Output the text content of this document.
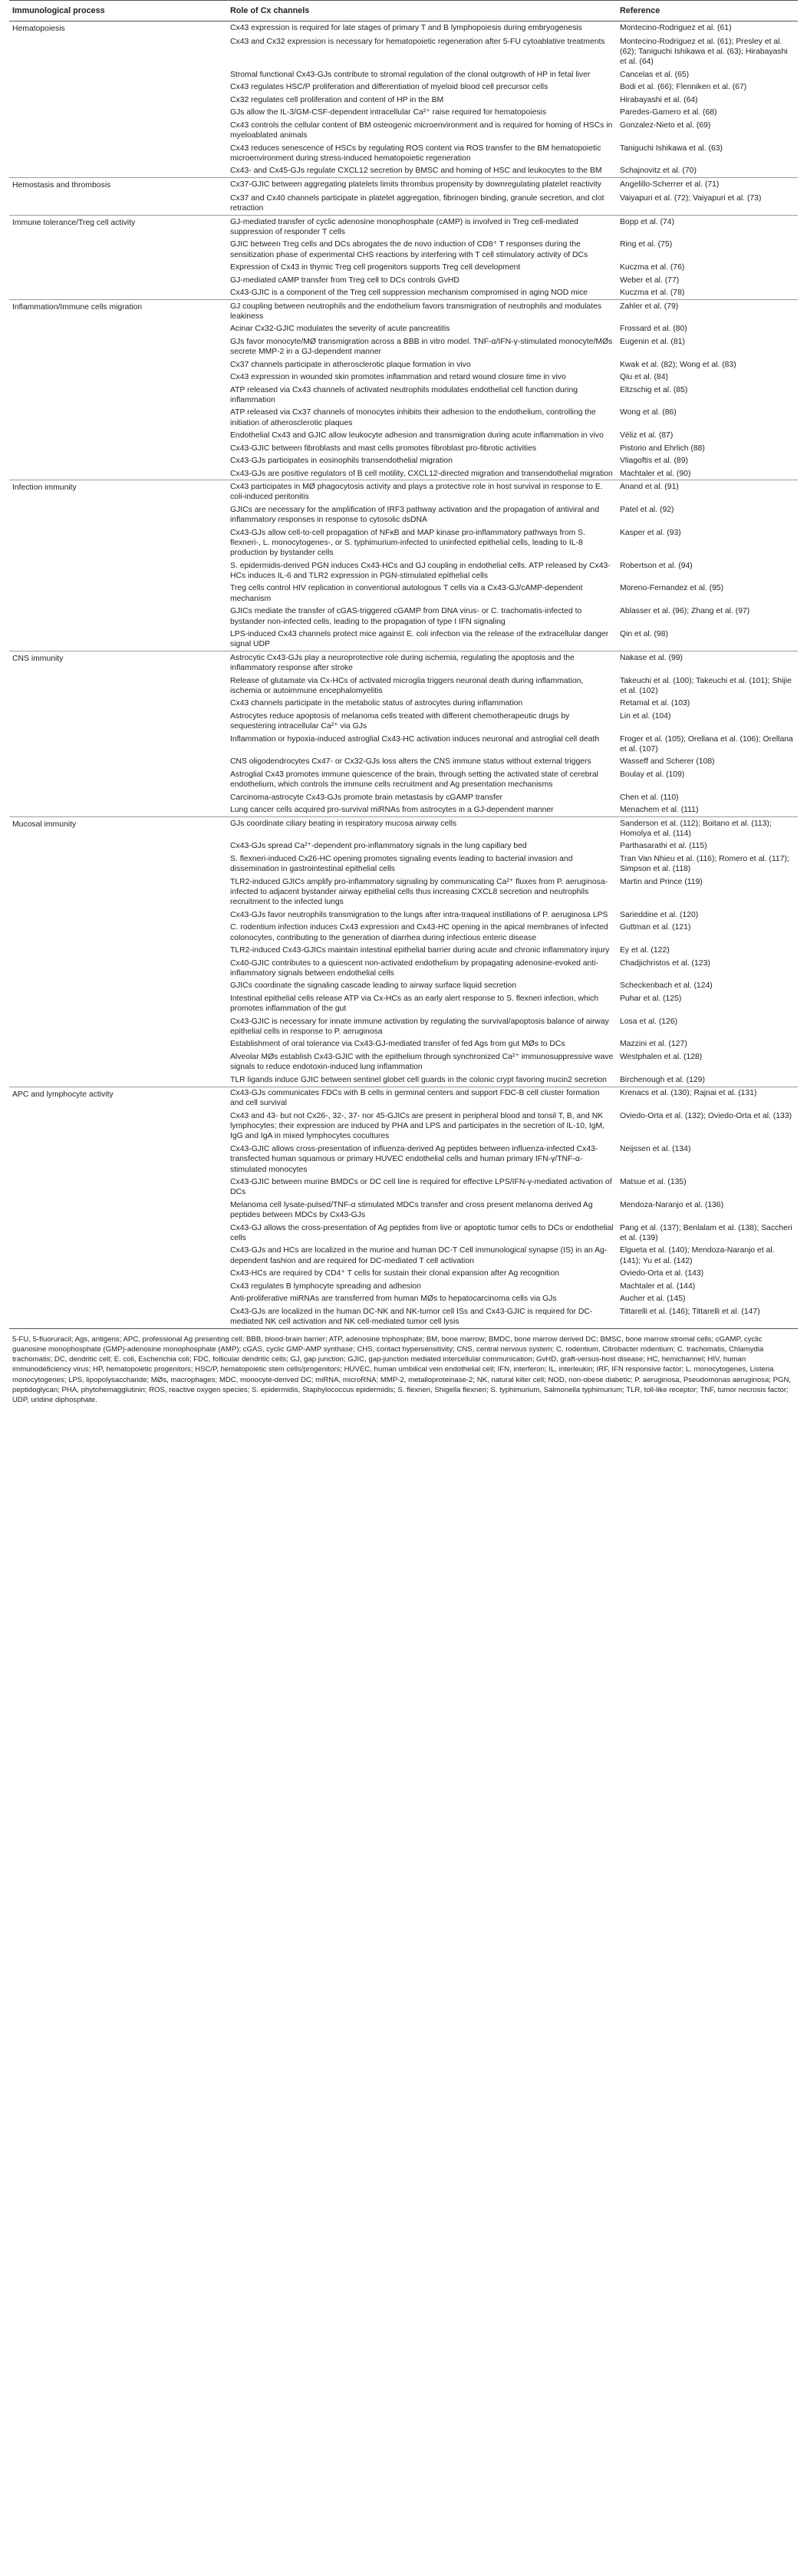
Immunological process	Role of Cx channels	Reference
Hematopoiesis	Cx43 expression is required for late stages of primary T and B lymphopoiesis during embryogenesis	Montecino-Rodriguez et al. (61)
	Cx43 and Cx32 expression is necessary for hematopoietic regeneration after 5-FU cytoablative treatments	Montecino-Rodriguez et al. (61); Presley et al. (62); Taniguchi Ishikawa et al. (63); Hirabayashi et al. (64)
	Stromal functional Cx43-GJs contribute to stromal regulation of the clonal outgrowth of HP in fetal liver	Cancelas et al. (65)
	Cx43 regulates HSC/P proliferation and differentiation of myeloid blood cell precursor cells	Bodi et al. (66); Flenniken et al. (67)
	Cx32 regulates cell proliferation and content of HP in the BM	Hirabayashi et al. (64)
	GJs allow the IL-3/GM-CSF-dependent intracellular Ca²⁺ raise required for hematopoiesis	Paredes-Gamero et al. (68)
	Cx43 controls the cellular content of BM osteogenic microenvironment and is required for homing of HSCs in myeloablated animals	Gonzalez-Nieto et al. (69)
	Cx43 reduces senescence of HSCs by regulating ROS content via ROS transfer to the BM hematopoietic microenvironment during stress-induced hematopoietic regeneration	Taniguchi Ishikawa et al. (63)
	Cx43- and Cx45-GJs regulate CXCL12 secretion by BMSC and homing of HSC and leukocytes to the BM	Schajnovitz et al. (70)
Hemostasis and thrombosis	Cx37-GJIC between aggregating platelets limits thrombus propensity by downregulating platelet reactivity	Angelillo-Scherrer et al. (71)
	Cx37 and Cx40 channels participate in platelet aggregation, fibrinogen binding, granule secretion, and clot retraction	Vaiyapuri et al. (72); Vaiyapuri et al. (73)
Immune tolerance/Treg cell activity	GJ-mediated transfer of cyclic adenosine monophosphate (cAMP) is involved in Treg cell-mediated suppression of responder T cells	Bopp et al. (74)
	GJIC between Treg cells and DCs abrogates the de novo induction of CD8⁺ T responses during the sensitization phase of experimental CHS reactions by interfering with T cell stimulatory activity of DCs	Ring et al. (75)
	Expression of Cx43 in thymic Treg cell progenitors supports Treg cell development	Kuczma et al. (76)
	GJ-mediated cAMP transfer from Treg cell to DCs controls GvHD	Weber et al. (77)
	Cx43-GJIC is a component of the Treg cell suppression mechanism compromised in aging NOD mice	Kuczma et al. (78)
Inflammation/Immune cells migration	GJ coupling between neutrophils and the endothelium favors transmigration of neutrophils and modulates leakiness	Zahler et al. (79)
	Acinar Cx32-GJIC modulates the severity of acute pancreatitis	Frossard et al. (80)
	GJs favor monocyte/MØ transmigration across a BBB in vitro model. TNF-α/IFN-γ-stimulated monocyte/MØs secrete MMP-2 in a GJ-dependent manner	Eugenin et al. (81)
	Cx37 channels participate in atherosclerotic plaque formation in vivo	Kwak et al. (82); Wong et al. (83)
	Cx43 expression in wounded skin promotes inflammation and retard wound closure time in vivo	Qiu et al. (84)
	ATP released via Cx43 channels of activated neutrophils modulates endothelial cell function during inflammation	Eltzschig et al. (85)
	ATP released via Cx37 channels of monocytes inhibits their adhesion to the endothelium, controlling the initiation of atherosclerotic plaques	Wong et al. (86)
	Endothelial Cx43 and GJIC allow leukocyte adhesion and transmigration during acute inflammation in vivo	Véliz et al. (87)
	Cx43-GJIC between fibroblasts and mast cells promotes fibroblast pro-fibrotic activities	Pistorio and Ehrlich (88)
	Cx43-GJs participates in eosinophils transendothelial migration	Vliagoftis et al. (89)
	Cx43-GJs are positive regulators of B cell motility, CXCL12-directed migration and transendothelial migration	Machtaler et al. (90)
Infection immunity	Cx43 participates in MØ phagocytosis activity and plays a protective role in host survival in response to E. coli-induced peritonitis	Anand et al. (91)
	GJICs are necessary for the amplification of IRF3 pathway activation and the propagation of antiviral and inflammatory responses in response to cytosolic dsDNA	Patel et al. (92)
	Cx43-GJs allow cell-to-cell propagation of NFκB and MAP kinase pro-inflammatory pathways from S. flexneri-, L. monocytogenes-, or S. typhimurium-infected to uninfected epithelial cells, leading to IL-8 production by bystander cells	Kasper et al. (93)
	S. epidermidis-derived PGN induces Cx43-HCs and GJ coupling in endothelial cells. ATP released by Cx43-HCs induces IL-6 and TLR2 expression in PGN-stimulated epithelial cells	Robertson et al. (94)
	Treg cells control HIV replication in conventional autologous T cells via a Cx43-GJ/cAMP-dependent mechanism	Moreno-Fernandez et al. (95)
	GJICs mediate the transfer of cGAS-triggered cGAMP from DNA virus- or C. trachomatis-infected to bystander non-infected cells, leading to the propagation of type I IFN signaling	Ablasser et al. (96); Zhang et al. (97)
	LPS-induced Cx43 channels protect mice against E. coli infection via the release of the extracellular danger signal UDP	Qin et al. (98)
CNS immunity	Astrocytic Cx43-GJs play a neuroprotective role during ischemia, regulating the apoptosis and the inflammatory response after stroke	Nakase et al. (99)
	Release of glutamate via Cx-HCs of activated microglia triggers neuronal death during inflammation, ischemia or autoimmune encephalomyelitis	Takeuchi et al. (100); Takeuchi et al. (101); Shijie et al. (102)
	Cx43 channels participate in the metabolic status of astrocytes during inflammation	Retamal et al. (103)
	Astrocytes reduce apoptosis of melanoma cells treated with different chemotherapeutic drugs by sequestering intracellular Ca²⁺ via GJs	Lin et al. (104)
	Inflammation or hypoxia-induced astroglial Cx43-HC activation induces neuronal and astroglial cell death	Froger et al. (105); Orellana et al. (106); Orellana et al. (107)
	CNS oligodendrocytes Cx47- or Cx32-GJs loss alters the CNS immune status without external triggers	Wasseff and Scherer (108)
	Astroglial Cx43 promotes immune quiescence of the brain, through setting the activated state of cerebral endothelium, which controls the immune cells recruitment and Ag presentation mechanisms	Boulay et al. (109)
	Carcinoma-astrocyte Cx43-GJs promote brain metastasis by cGAMP transfer	Chen et al. (110)
	Lung cancer cells acquired pro-survival miRNAs from astrocytes in a GJ-dependent manner	Menachem et al. (111)
Mucosal immunity	GJs coordinate ciliary beating in respiratory mucosa airway cells	Sanderson et al. (112); Boitano et al. (113); Homolya et al. (114)
	Cx43-GJs spread Ca²⁺-dependent pro-inflammatory signals in the lung capillary bed	Parthasarathi et al. (115)
	S. flexneri-induced Cx26-HC opening promotes signaling events leading to bacterial invasion and dissemination in gastrointestinal epithelial cells	Tran Van Nhieu et al. (116); Romero et al. (117); Simpson et al. (118)
	TLR2-induced GJICs amplify pro-inflammatory signaling by communicating Ca²⁺ fluxes from P. aeruginosa-infected to adjacent bystander airway epithelial cells thus increasing CXCL8 secretion and neutrophils recruitment to the infected lungs	Martin and Prince (119)
	Cx43-GJs favor neutrophils transmigration to the lungs after intra-traqueal instillations of P. aeruginosa LPS	Sarieddine et al. (120)
	C. rodentium infection induces Cx43 expression and Cx43-HC opening in the apical membranes of infected colonocytes, contributing to the generation of diarrhea during infectious enteric disease	Guttman et al. (121)
	TLR2-induced Cx43-GJICs maintain intestinal epithelial barrier during acute and chronic inflammatory injury	Ey et al. (122)
	Cx40-GJIC contributes to a quiescent non-activated endothelium by propagating adenosine-evoked anti-inflammatory signals between endothelial cells	Chadjichristos et al. (123)
	GJICs coordinate the signaling cascade leading to airway surface liquid secretion	Scheckenbach et al. (124)
	Intestinal epithelial cells release ATP via Cx-HCs as an early alert response to S. flexneri infection, which promotes inflammation of the gut	Puhar et al. (125)
	Cx43-GJIC is necessary for innate immune activation by regulating the survival/apoptosis balance of airway epithelial cells in response to P. aeruginosa	Losa et al. (126)
	Establishment of oral tolerance via Cx43-GJ-mediated transfer of fed Ags from gut MØs to DCs	Mazzini et al. (127)
	Alveolar MØs establish Cx43-GJIC with the epithelium through synchronized Ca²⁺ immunosuppressive wave signals to reduce endotoxin-induced lung inflammation	Westphalen et al. (128)
	TLR ligands induce GJIC between sentinel globet cell guards in the colonic crypt favoring mucin2 secretion	Birchenough et al. (129)
APC and lymphocyte activity	Cx43-GJs communicates FDCs with B cells in germinal centers and support FDC-B cell cluster formation and cell survival	Krenacs et al. (130); Rajnai et al. (131)
	Cx43 and 43- but not Cx26-, 32-, 37- nor 45-GJICs are present in peripheral blood and tonsil T, B, and NK lymphocytes; their expression are induced by PHA and LPS and participates in the secretion of IL-10, IgM, IgG and IgA in mixed lymphocytes cocultures	Oviedo-Orta et al. (132); Oviedo-Orta et al. (133)
	Cx43-GJIC allows cross-presentation of influenza-derived Ag peptides between influenza-infected Cx43-transfected human squamous or primary HUVEC endothelial cells and human primary IFN-γ/TNF-α-stimulated monocytes	Neijssen et al. (134)
	Cx43-GJIC between murine BMDCs or DC cell line is required for effective LPS/IFN-γ-mediated activation of DCs	Matsue et al. (135)
	Melanoma cell lysate-pulsed/TNF-α stimulated MDCs transfer and cross present melanoma derived Ag peptides between MDCs by Cx43-GJs	Mendoza-Naranjo et al. (136)
	Cx43-GJ allows the cross-presentation of Ag peptides from live or apoptotic tumor cells to DCs or endothelial cells	Pang et al. (137); Benlalam et al. (138); Saccheri et al. (139)
	Cx43-GJs and HCs are localized in the murine and human DC-T Cell immunological synapse (IS) in an Ag-dependent fashion and are required for DC-mediated T cell activation	Elgueta et al. (140); Mendoza-Naranjo et al. (141); Yu et al. (142)
	Cx43-HCs are required by CD4⁺ T cells for sustain their clonal expansion after Ag recognition	Oviedo-Orta et al. (143)
	Cx43 regulates B lymphocyte spreading and adhesion	Machtaler et al. (144)
	Anti-proliferative miRNAs are transferred from human MØs to hepatocarcinoma cells via GJs	Aucher et al. (145)
	Cx43-GJs are localized in the human DC-NK and NK-tumor cell ISs and Cx43-GJIC is required for DC-mediated NK cell activation and NK cell-mediated tumor cell lysis	Tittarelli et al. (146); Tittarelli et al. (147)
5-FU, 5-fluoruracil; Ags, antigens; APC, professional Ag presenting cell; BBB, blood-brain barrier; ATP, adenosine triphosphate; BM, bone marrow; BMDC, bone marrow derived DC; BMSC, bone marrow stromal cells; cGAMP, cyclic guanosine monophosphate (GMP)-adenosine monophosphate (AMP); cGAS, cyclic GMP-AMP synthase; CHS, contact hypersensitivity; CNS, central nervous system; C. rodentium, Citrobacter rodentium; C. trachomatis, Chlamydia trachomatis; DC, dendritic cell; E. coli, Escherichia coli; FDC, follicular dendritic cells; GJ, gap junction; GJIC, gap-junction mediated intercellular communication; GvHD, graft-versus-host disease; HC, hemichannel; HIV, human immunodeficiency virus; HP, hematopoietic progenitors; HSC/P, hematopoietic stem cells/progenitors; HUVEC, human umbilical vein endothelial cell; IFN, interferon; IL, interleukin; IRF, IFN responsive factor; L. monocytogenes, Listeria monocytogenes; LPS, lipopolysaccharide; MØs, macrophages; MDC, monocyte-derived DC; miRNA, microRNA; MMP-2, metalloproteinase-2; NK, natural killer cell; NOD, non-obese diabetic; P. aeruginosa, Pseudomonas aeruginosa; PGN, peptidoglycan; PHA, phytohemagglutinin; ROS, reactive oxygen species; S. epidermidis, Staphylococcus epidermidis; S. flexneri, Shigella flexneri; S. typhimurium, Salmonella typhimurium; TLR, toll-like receptor; TNF, tumor necrosis factor; UDP, uridine diphosphate.
